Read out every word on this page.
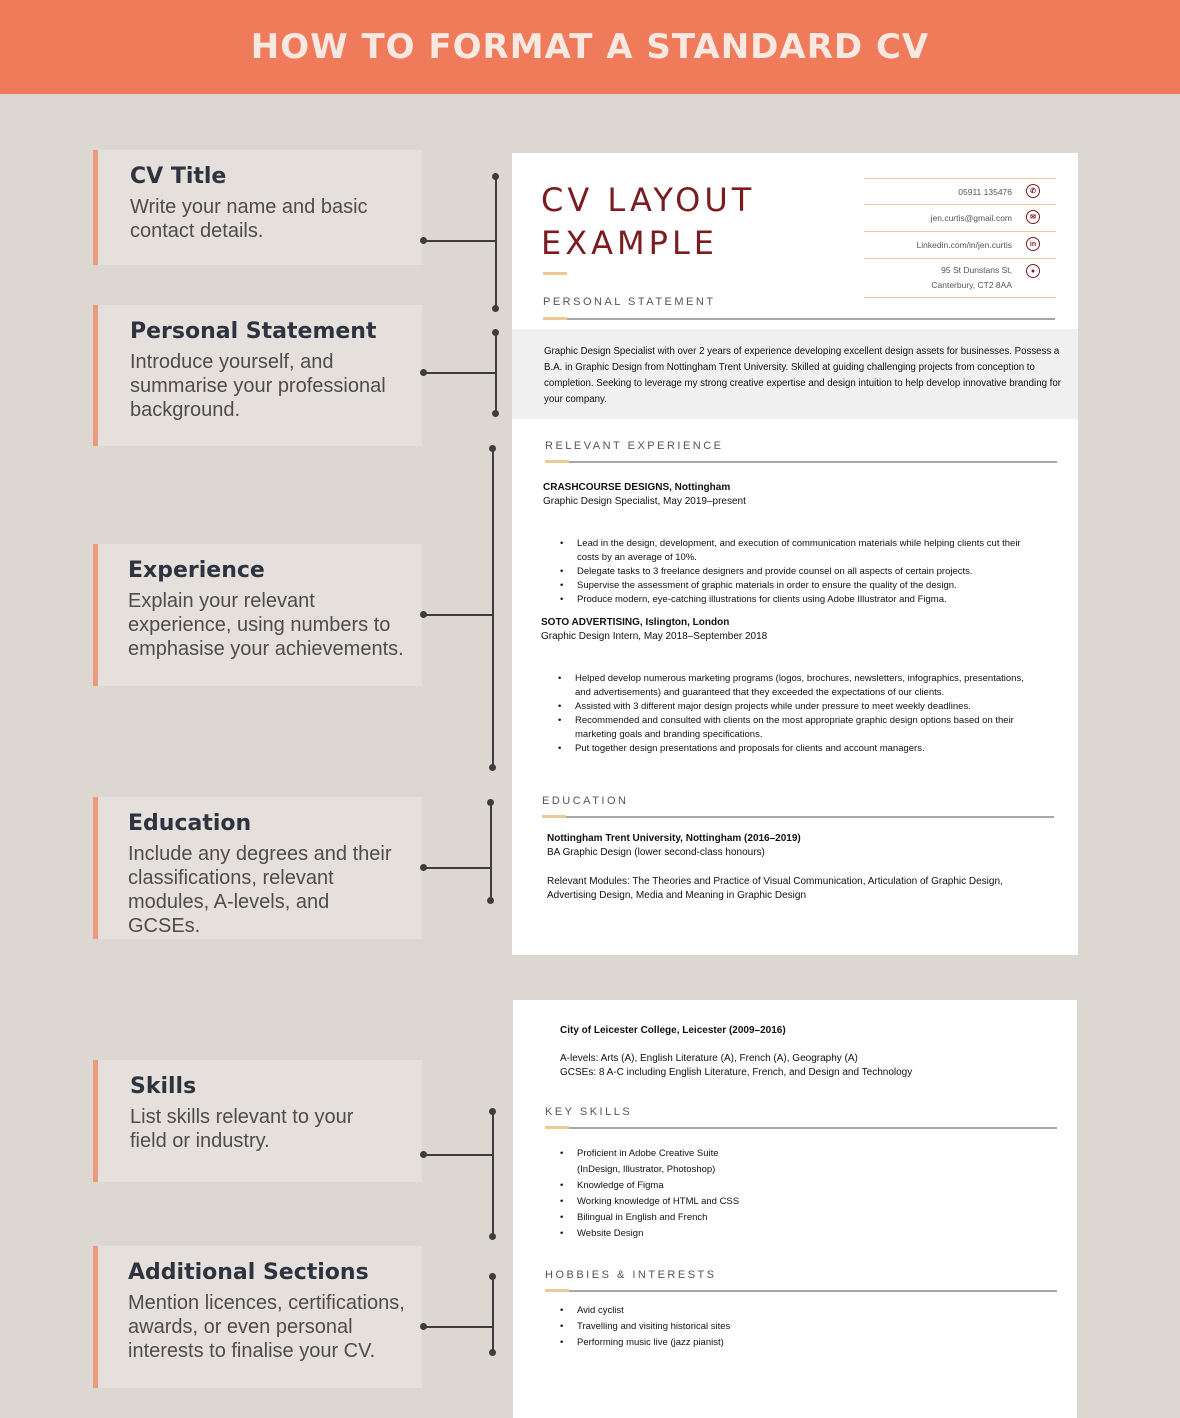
HOW TO FORMAT A STANDARD CV
CV Title

Write your name and basic contact details.

Personal Statement

Introduce yourself, and summarise your professional background.

Experience

Explain your relevant experience, using numbers to emphasise your achievements.

Education

Include any degrees and their classifications, relevant modules, A-levels, and GCSEs.

Skills

List skills relevant to your field or industry.

Additional Sections

Mention licences, certifications, awards, or even personal interests to finalise your CV.

CV LAYOUT
EXAMPLE
05911 135476	✆
jen.curtis@gmail.com	✉
Linkedin.com/in/jen.curtis	in
95 St Dunstans St,
Canterbury, CT2 8AA
●
PERSONAL STATEMENT
Graphic Design Specialist with over 2 years of experience developing excellent design assets for businesses. Possess a B.A. in Graphic Design from Nottingham Trent University. Skilled at guiding challenging projects from conception to completion. Seeking to leverage my strong creative expertise and design intuition to help develop innovative branding for your company.
RELEVANT EXPERIENCE
CRASHCOURSE DESIGNS, Nottingham
Graphic Design Specialist, May 2019–present
• Lead in the design, development, and execution of communication materials while helping clients cut their costs by an average of 10%.
• Delegate tasks to 3 freelance designers and provide counsel on all aspects of certain projects.
• Supervise the assessment of graphic materials in order to ensure the quality of the design.
• Produce modern, eye-catching illustrations for clients using Adobe Illustrator and Figma.
SOTO ADVERTISING, Islington, London
Graphic Design Intern, May 2018–September 2018
• Helped develop numerous marketing programs (logos, brochures, newsletters, infographics, presentations, and advertisements) and guaranteed that they exceeded the expectations of our clients.
• Assisted with 3 different major design projects while under pressure to meet weekly deadlines.
• Recommended and consulted with clients on the most appropriate graphic design options based on their marketing goals and branding specifications.
• Put together design presentations and proposals for clients and account managers.
EDUCATION
Nottingham Trent University, Nottingham (2016–2019)
BA Graphic Design (lower second-class honours)
Relevant Modules: The Theories and Practice of Visual Communication, Articulation of Graphic Design, Advertising Design, Media and Meaning in Graphic Design
City of Leicester College, Leicester (2009–2016)
A-levels: Arts (A), English Literature (A), French (A), Geography (A)
GCSEs: 8 A-C including English Literature, French, and Design and Technology
KEY SKILLS
• Proficient in Adobe Creative Suite (InDesign, Illustrator, Photoshop)
• Knowledge of Figma
• Working knowledge of HTML and CSS
• Bilingual in English and French
• Website Design
HOBBIES & INTERESTS
• Avid cyclist
• Travelling and visiting historical sites
• Performing music live (jazz pianist)
